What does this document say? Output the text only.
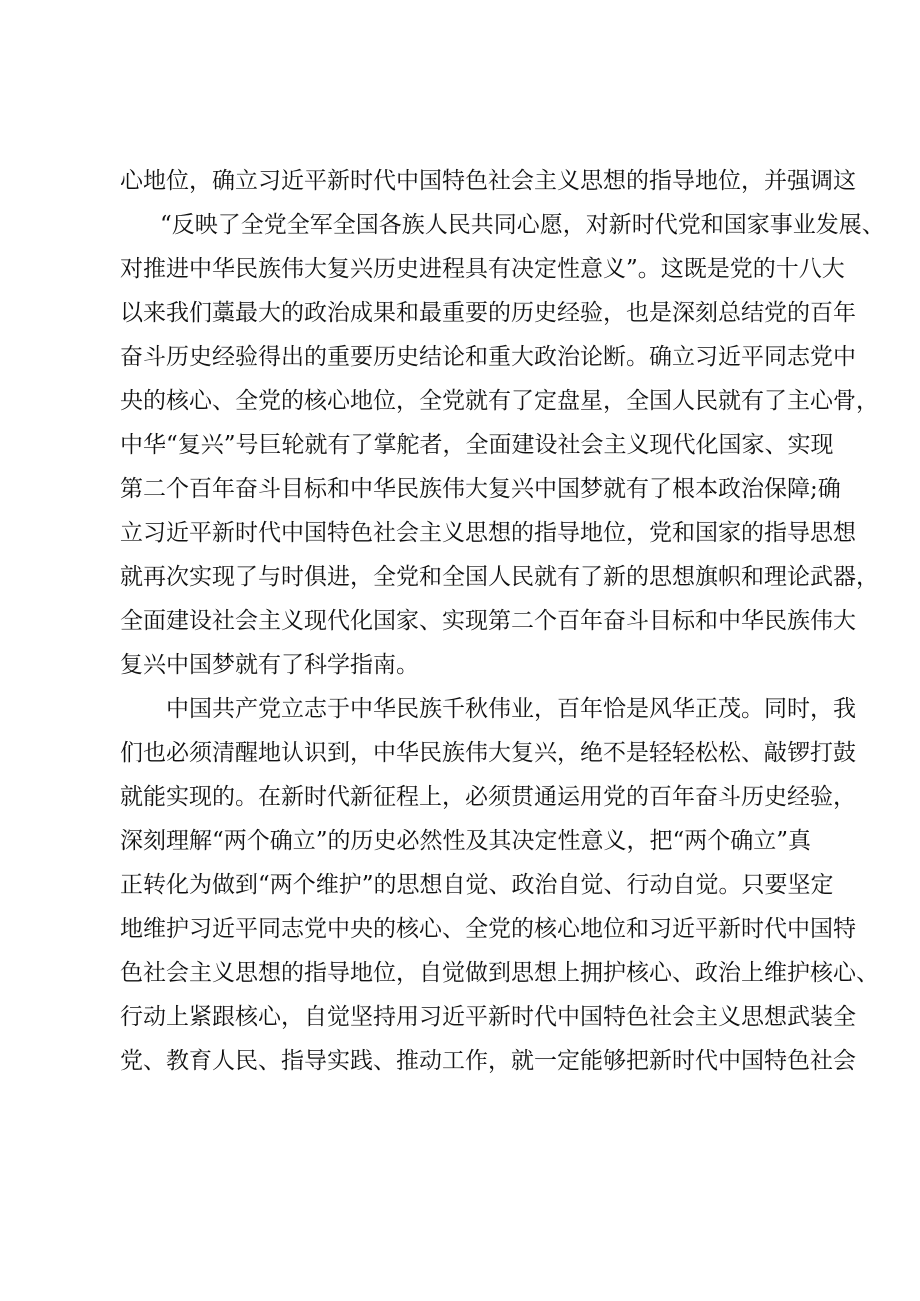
心地位，确立习近平新时代中国特色社会主义思想的指导地位，并强调这
“反映了全党全军全国各族人民共同心愿，对新时代党和国家事业发展、
对推进中华民族伟大复兴历史进程具有决定性意义”。这既是党的十八大
以来我们藁最大的政治成果和最重要的历史经验，也是深刻总结党的百年
奋斗历史经验得出的重要历史结论和重大政治论断。确立习近平同志党中
央的核心、全党的核心地位，全党就有了定盘星，全国人民就有了主心骨，
中华“复兴”号巨轮就有了掌舵者，全面建设社会主义现代化国家、实现
第二个百年奋斗目标和中华民族伟大复兴中国梦就有了根本政治保障;确
立习近平新时代中国特色社会主义思想的指导地位，党和国家的指导思想
就再次实现了与时俱进，全党和全国人民就有了新的思想旗帜和理论武器，
全面建设社会主义现代化国家、实现第二个百年奋斗目标和中华民族伟大
复兴中国梦就有了科学指南。
中国共产党立志于中华民族千秋伟业，百年恰是风华正茂。同时，我
们也必须清醒地认识到，中华民族伟大复兴，绝不是轻轻松松、敲锣打鼓
就能实现的。在新时代新征程上，必须贯通运用党的百年奋斗历史经验，
深刻理解“两个确立”的历史必然性及其决定性意义，把“两个确立”真
正转化为做到“两个维护”的思想自觉、政治自觉、行动自觉。只要坚定
地维护习近平同志党中央的核心、全党的核心地位和习近平新时代中国特
色社会主义思想的指导地位，自觉做到思想上拥护核心、政治上维护核心、
行动上紧跟核心，自觉坚持用习近平新时代中国特色社会主义思想武装全
党、教育人民、指导实践、推动工作，就一定能够把新时代中国特色社会
